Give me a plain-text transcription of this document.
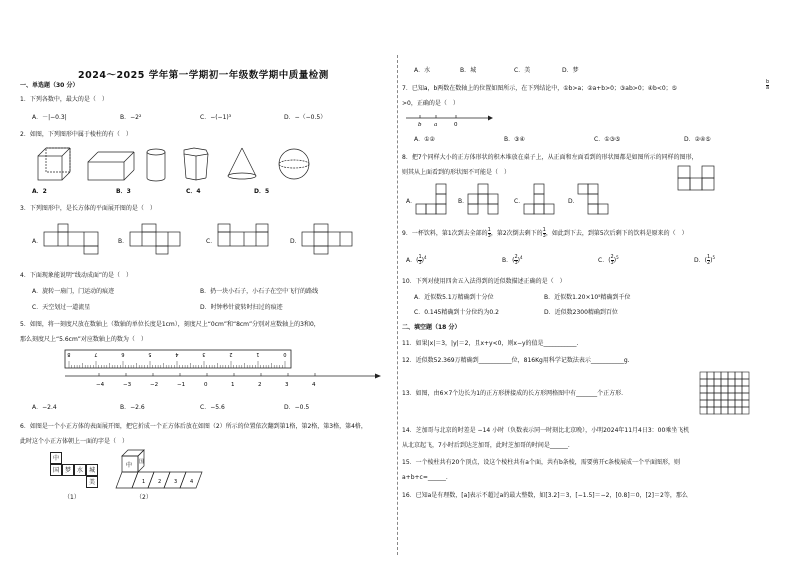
2024～2025 学年第一学期初一年级数学期中质量检测
一、单选题（30 分）
1．下列各数中，最大的是（　）
A．－|−0.3|	B．−2²	C．−(−1)³	D．−（−0.5）
2．如图，下列图形中属于棱柱的有（　）
A．2	B．3	C．4	D．5
3．下列图形中，是长方体的平面展开图的是（　）
A．	B．	C．	D．
4．下面现象能说明“线动成面”的是（　）
A．旋转一扇门，门运动的痕迹	B．扔一块小石子，小石子在空中飞行的路线
C．天空划过一道流星	D．时钟秒针旋转时扫过的痕迹
5．如图，将一刻度尺放在数轴上（数轴的单位长度是1cm），刻度尺上“0cm”和“8cm”分别对应数轴上的3和0，
那么刻度尺上“5.6cm”对应数轴上的数为（　）
8	7	6	5	4	3	2	1	0
−4	−3	−2	−1	0	1	2	3	4
A．−2.4	B．−2.6	C．−5.6	D．−0.5
6．如图是一个小正方体的表面展开图，把它折成一个正方体后放在如图（2）所示的位置依次翻到第1格，第2格，第3格，第4格，
此时这个小正方体朝上一面的字是（　）
中
国 梦 水 城
美
（1）
中 国
1	2	3	4
（2）
A．水	B．城	C．美	D．梦
7．已知a，b两数在数轴上的位置如图所示，在下列结论中，①b>a；②a+b>0；③ab>0；④b<0；⑤	$\frac{b}{a}$
>0，正确的是（　）
b a	0
A．①②	B．③④	C．①③⑤	D．②④⑤
8．把7个同样大小的正方体形状的积木堆放在桌子上，从正面和左面看到的形状图都是如图所示的同样的图形，
则其从上面看到的形状图不可能是（　）
A．	B．	C．	D．
9．一杯饮料，第1次到去全部的 $\frac{1}{3}$ ，第2次倒去剩下的 $\frac{1}{3}$ ，如此到下去，到第5次后剩下的饮料是原来的（　）
A．( $\frac{1}{3} )^4$	B．( $\frac{2}{3} )^4$	C．( $\frac{2}{3} )^5$	D．( $\frac{1}{2} )^5$
10．下列对使用四舍五入法得到的近似数描述正确的是（　）
A．近似数5.1万精确到十分位	B．近似数1.20×10⁵精确到千位
C．0.145精确到十分位约为0.2	D．近似数2300精确到百位
二、填空题（18 分）
11．如果|x|＝3，|y|＝2，且x+y<0，则x−y的值是___________.
12．近似数52.369万精确到___________位，816Kg用科学记数法表示___________g.
13．如图，由6×7个边长为1的正方形拼接成的长方形网格图中有_______个正方形.
14．芝加哥与北京的时差是 −14 小时（负数表示同一时刻比北京晚），小明2024年11月4日3：00乘坐飞机
从北京起飞，7小时后到达芝加哥，此时芝加哥的时间是______.
15．一个棱柱共有20个顶点，设这个棱柱共有a个面，共有b条棱，需要剪开c条棱展成一个平面图形，则
a+b+c=______.
16．已知a是有理数，[a]表示不超过a的最大整数，如[3.2]＝3，[−1.5]＝−2，[0.8]＝0，[2]＝2等，那么
